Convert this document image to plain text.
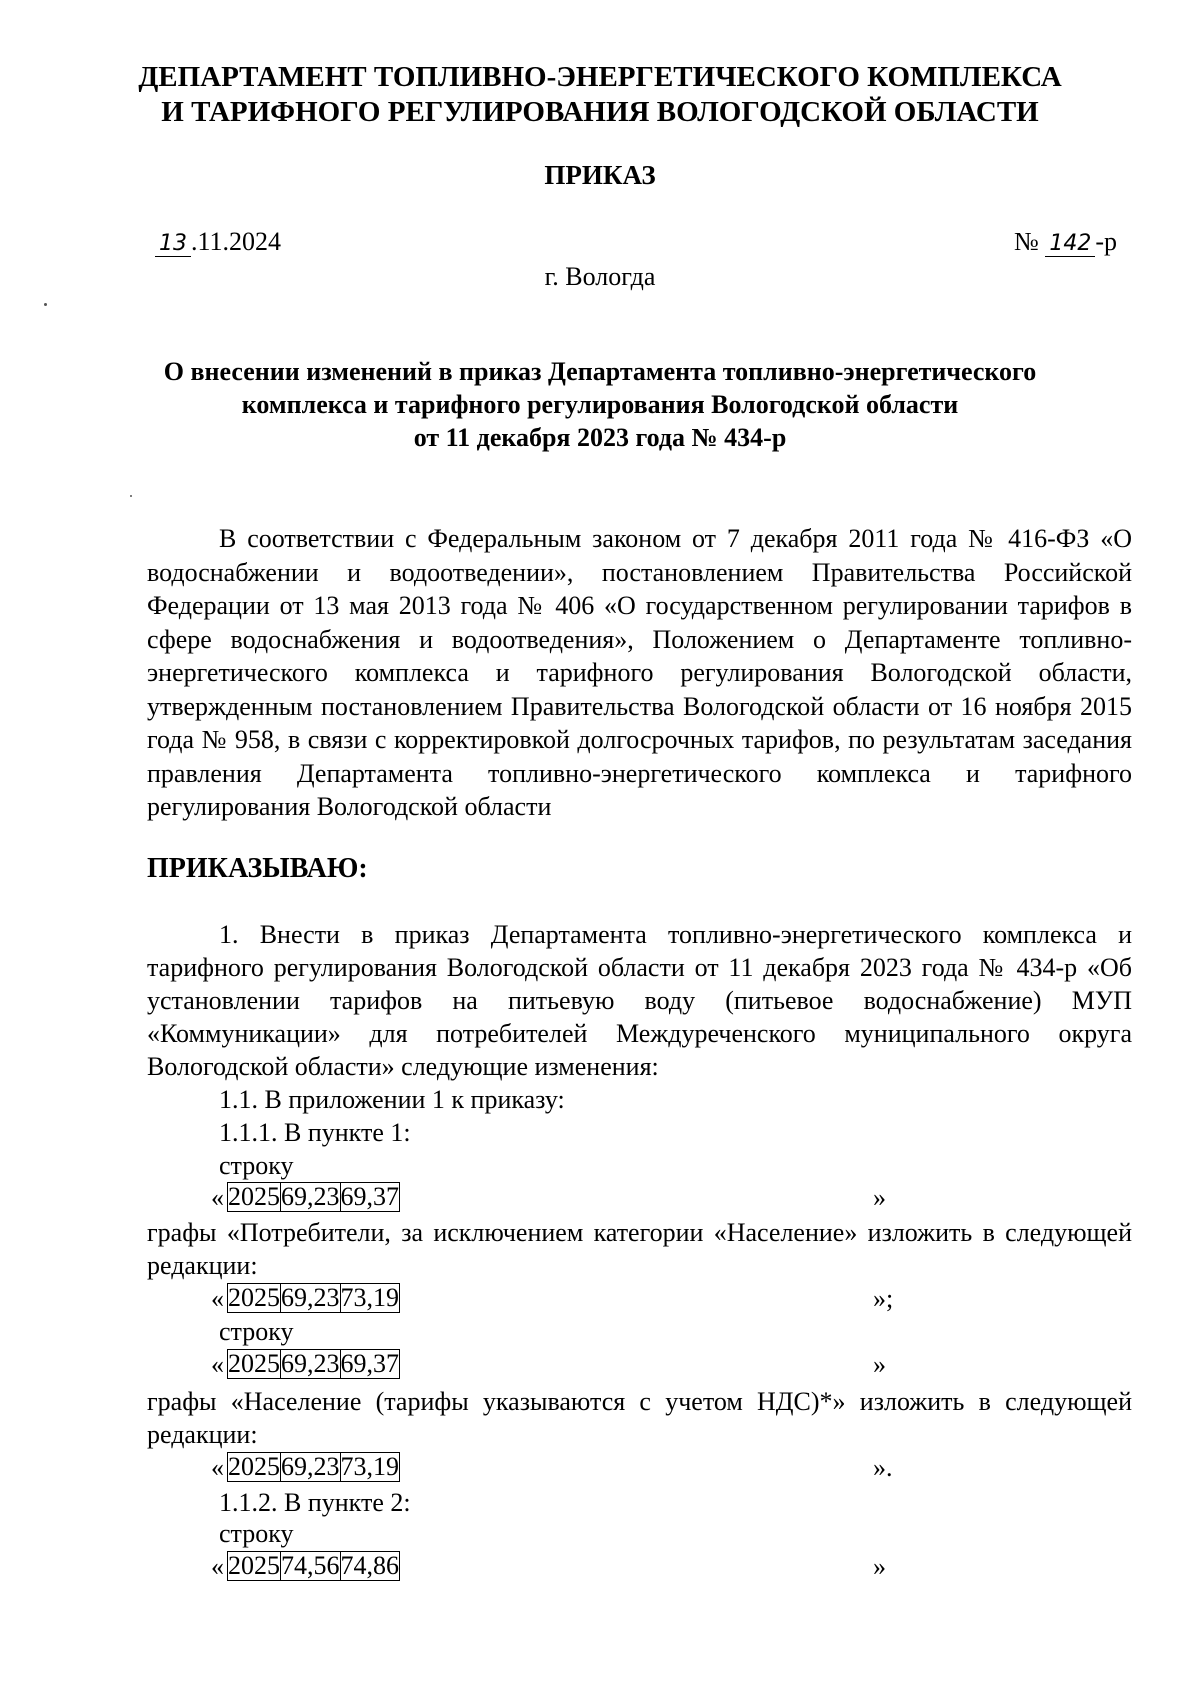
ДЕПАРТАМЕНТ ТОПЛИВНО-ЭНЕРГЕТИЧЕСКОГО КОМПЛЕКСА
И ТАРИФНОГО РЕГУЛИРОВАНИЯ ВОЛОГОДСКОЙ ОБЛАСТИ
ПРИКАЗ
13 .11.2024	№ 142 -р
г. Вологда
О внесении изменений в приказ Департамента топливно-энергетического
комплекса и тарифного регулирования Вологодской области
от 11 декабря 2023 года № 434-р
В соответствии с Федеральным законом от 7 декабря 2011 года № 416-ФЗ «О водоснабжении и водоотведении», постановлением Правительства Российской Федерации от 13 мая 2013 года № 406 «О государственном регулировании тарифов в сфере водоснабжения и водоотведения», Положением о Департаменте топливно-энергетического комплекса и тарифного регулирования Вологодской области, утвержденным постановлением Правительства Вологодской области от 16 ноября 2015 года № 958, в связи с корректировкой долгосрочных тарифов, по результатам заседания правления Департамента топливно-энергетического комплекса и тарифного регулирования Вологодской области
ПРИКАЗЫВАЮ:
1. Внести в приказ Департамента топливно-энергетического комплекса и тарифного регулирования Вологодской области от 11 декабря 2023 года № 434-р «Об установлении тарифов на питьевую воду (питьевое водоснабжение) МУП «Коммуникации» для потребителей Междуреченского муниципального округа Вологодской области» следующие изменения:
1.1. В приложении 1 к приказу:
1.1.1. В пункте 1:
строку
« 2025	69,23	69,37	»
графы «Потребители, за исключением категории «Население» изложить в следующей редакции:
« 2025	69,23	73,19	»;
строку
« 2025	69,23	69,37	»
графы «Население (тарифы указываются с учетом НДС)*» изложить в следующей редакции:
« 2025	69,23	73,19	».
1.1.2. В пункте 2:
строку
« 2025	74,56	74,86	»
